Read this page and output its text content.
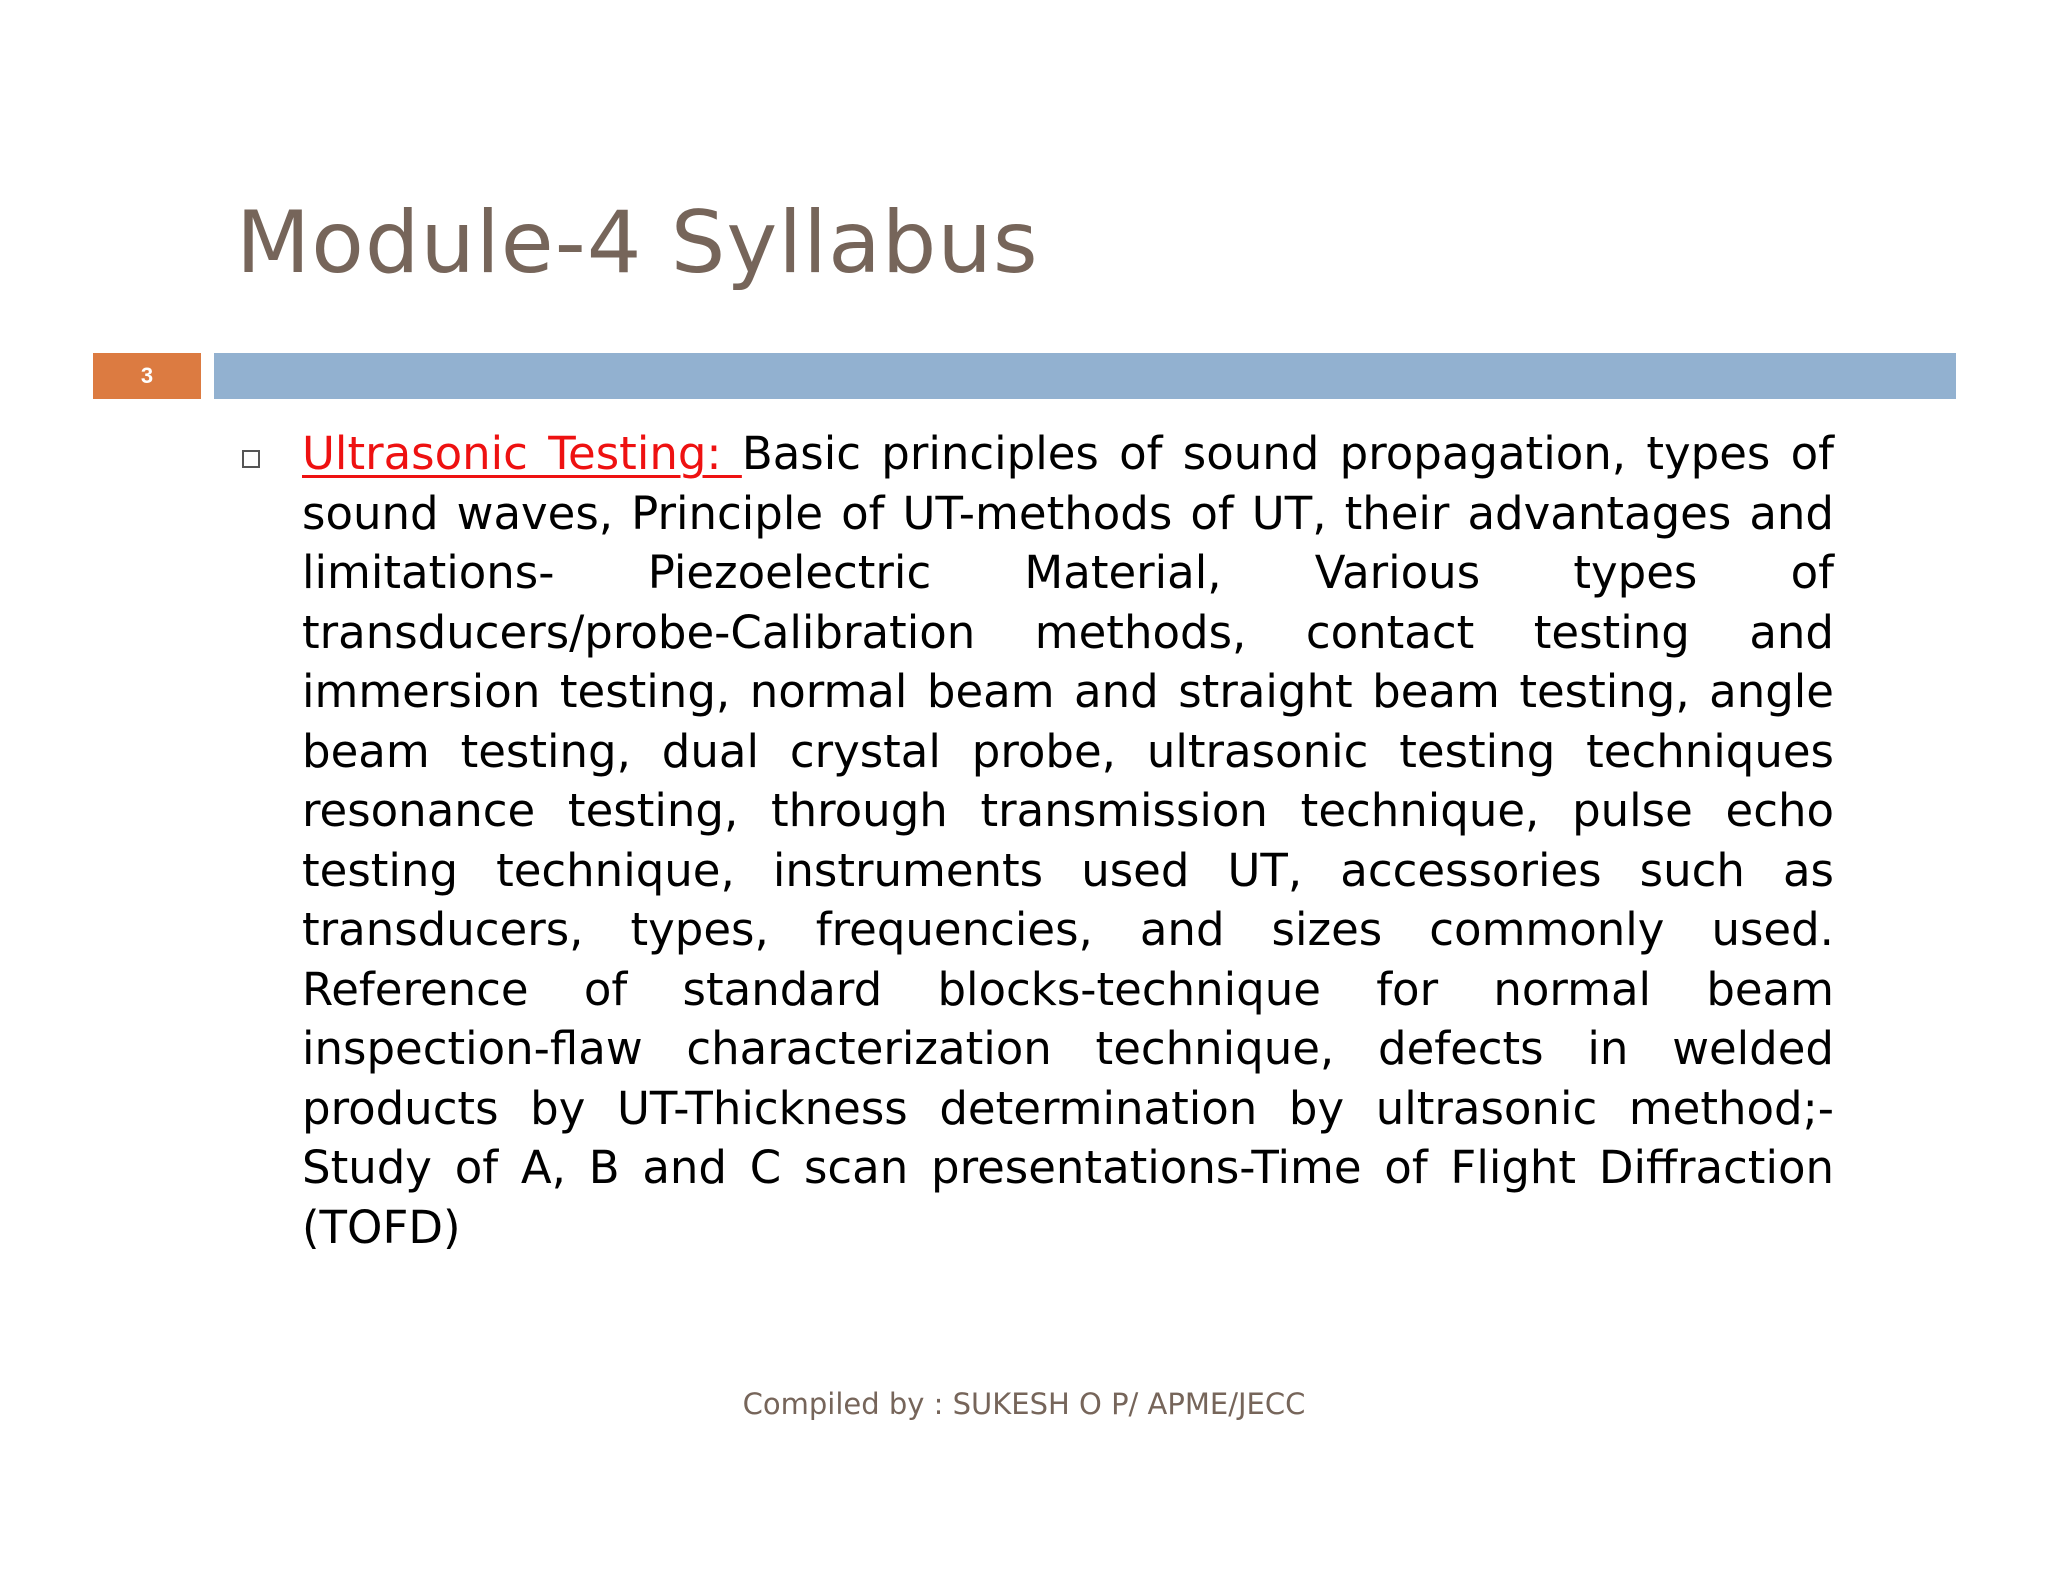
Module-4 Syllabus
3

Ultrasonic Testing: Basic principles of sound propagation, types of sound waves, Principle of UT-methods of UT, their advantages and limitations- Piezoelectric Material, Various types of transducers/probe-Calibration methods, contact testing and immersion testing, normal beam and straight beam testing, angle beam testing, dual crystal probe, ultrasonic testing techniques resonance testing, through transmission technique, pulse echo testing technique, instruments used UT, accessories such as transducers, types, frequencies, and sizes commonly used. Reference of standard blocks-technique for normal beam inspection-flaw characterization technique, defects in welded products by UT-Thickness determination by ultrasonic method;- Study of A, B and C scan presentations-Time of Flight Diffraction (TOFD)

Compiled by : SUKESH O P/ APME/JECC
